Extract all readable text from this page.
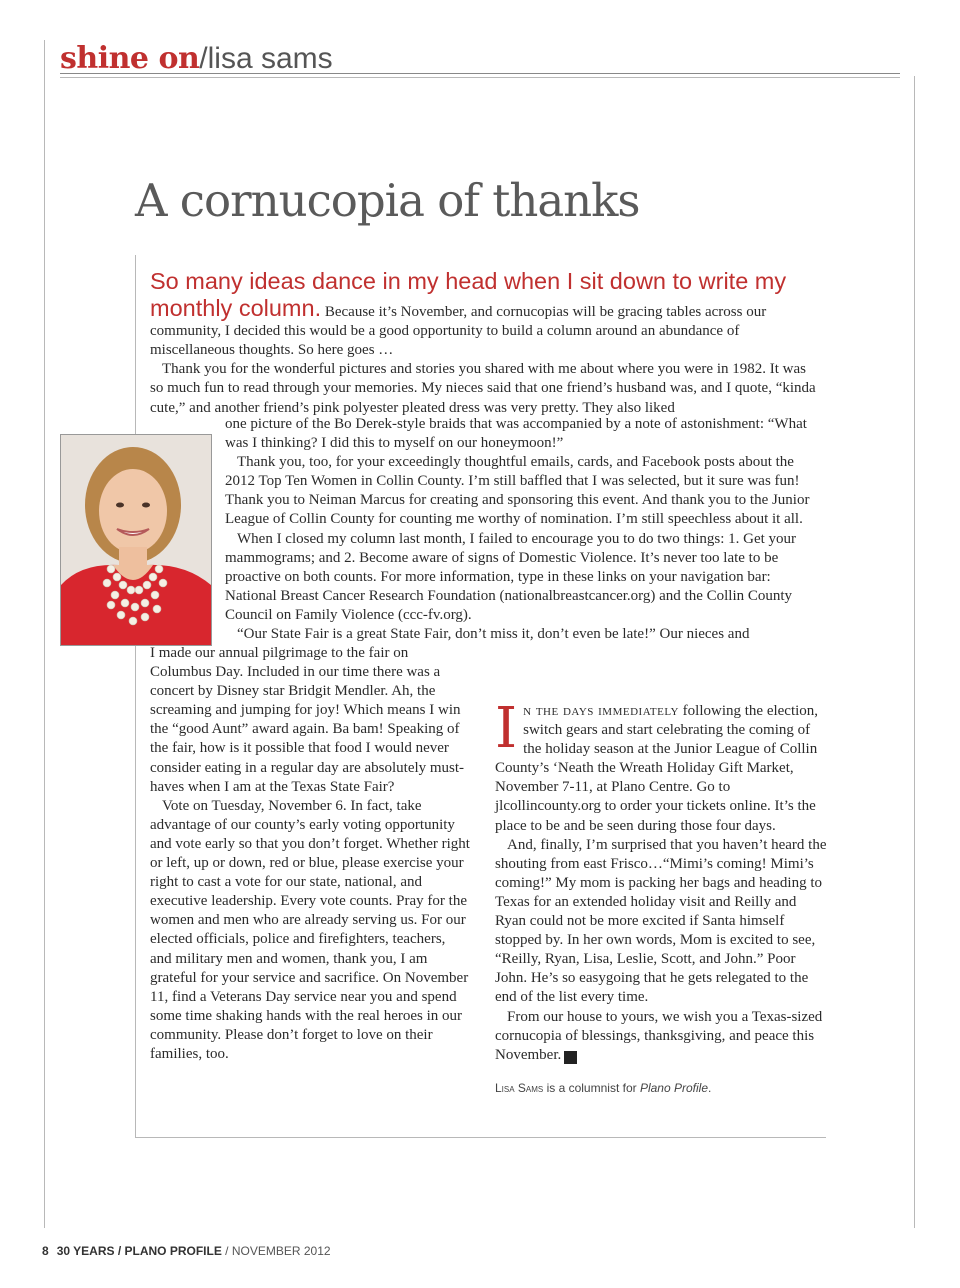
shine on/lisa sams
A cornucopia of thanks

So many ideas dance in my head when I sit down to write my monthly column. Because it’s November, and cornucopias will be gracing tables across our community, I decided this would be a good opportunity to build a column around an abundance of miscellaneous thoughts. So here goes …

Thank you for the wonderful pictures and stories you shared with me about where you were in 1982. It was so much fun to read through your memories. My nieces said that one friend’s husband was, and I quote, “kinda cute,” and another friend’s pink polyester pleated dress was very pretty. They also liked

one picture of the Bo Derek-style braids that was accompanied by a note of astonishment: “What was I thinking? I did this to myself on our honeymoon!”

Thank you, too, for your exceedingly thoughtful emails, cards, and Facebook posts about the 2012 Top Ten Women in Collin County. I’m still baffled that I was selected, but it sure was fun! Thank you to Neiman Marcus for creating and sponsoring this event. And thank you to the Junior League of Collin County for counting me worthy of nomination. I’m still speechless about it all.

When I closed my column last month, I failed to encourage you to do two things: 1. Get your mammograms; and 2. Become aware of signs of Domestic Violence. It’s never too late to be proactive on both counts. For more information, type in these links on your navigation bar: National Breast Cancer Research Foundation (nationalbreastcancer.org) and the Collin County Council on Family Violence (ccc-fv.org).

“Our State Fair is a great State Fair, don’t miss it, don’t even be late!” Our nieces and

I made our annual pilgrimage to the fair on Columbus Day. Included in our time there was a concert by Disney star Bridgit Mendler. Ah, the screaming and jumping for joy! Which means I win the “good Aunt” award again. Ba bam! Speaking of the fair, how is it possible that food I would never consider eating in a regular day are absolutely must-haves when I am at the Texas State Fair?

Vote on Tuesday, November 6. In fact, take advantage of our county’s early voting opportunity and vote early so that you don’t forget. Whether right or left, up or down, red or blue, please exercise your right to cast a vote for our state, national, and executive leadership. Every vote counts. Pray for the women and men who are already serving us. For our elected officials, police and firefighters, teachers, and military men and women, thank you, I am grateful for your service and sacrifice. On November 11, find a Veterans Day service near you and spend some time shaking hands with the real heroes in our community. Please don’t forget to love on their families, too.

In the days immediately following the election, switch gears and start celebrating the coming of the holiday season at the Junior League of Collin County’s ‘Neath the Wreath Holiday Gift Market, November 7-11, at Plano Centre. Go to jlcollincounty.org to order your tickets online. It’s the place to be and be seen during those four days.

And, finally, I’m surprised that you haven’t heard the shouting from east Frisco…“Mimi’s coming! Mimi’s coming!” My mom is packing her bags and heading to Texas for an extended holiday visit and Reilly and Ryan could not be more excited if Santa himself stopped by. In her own words, Mom is excited to see, “Reilly, Ryan, Lisa, Leslie, Scott, and John.” Poor John. He’s so easygoing that he gets relegated to the end of the list every time.

From our house to yours, we wish you a Texas-sized cornucopia of blessings, thanksgiving, and peace this November. p

Lisa Sams is a columnist for Plano Profile.
8 30 YEARS / PLANO PROFILE / NOVEMBER 2012
